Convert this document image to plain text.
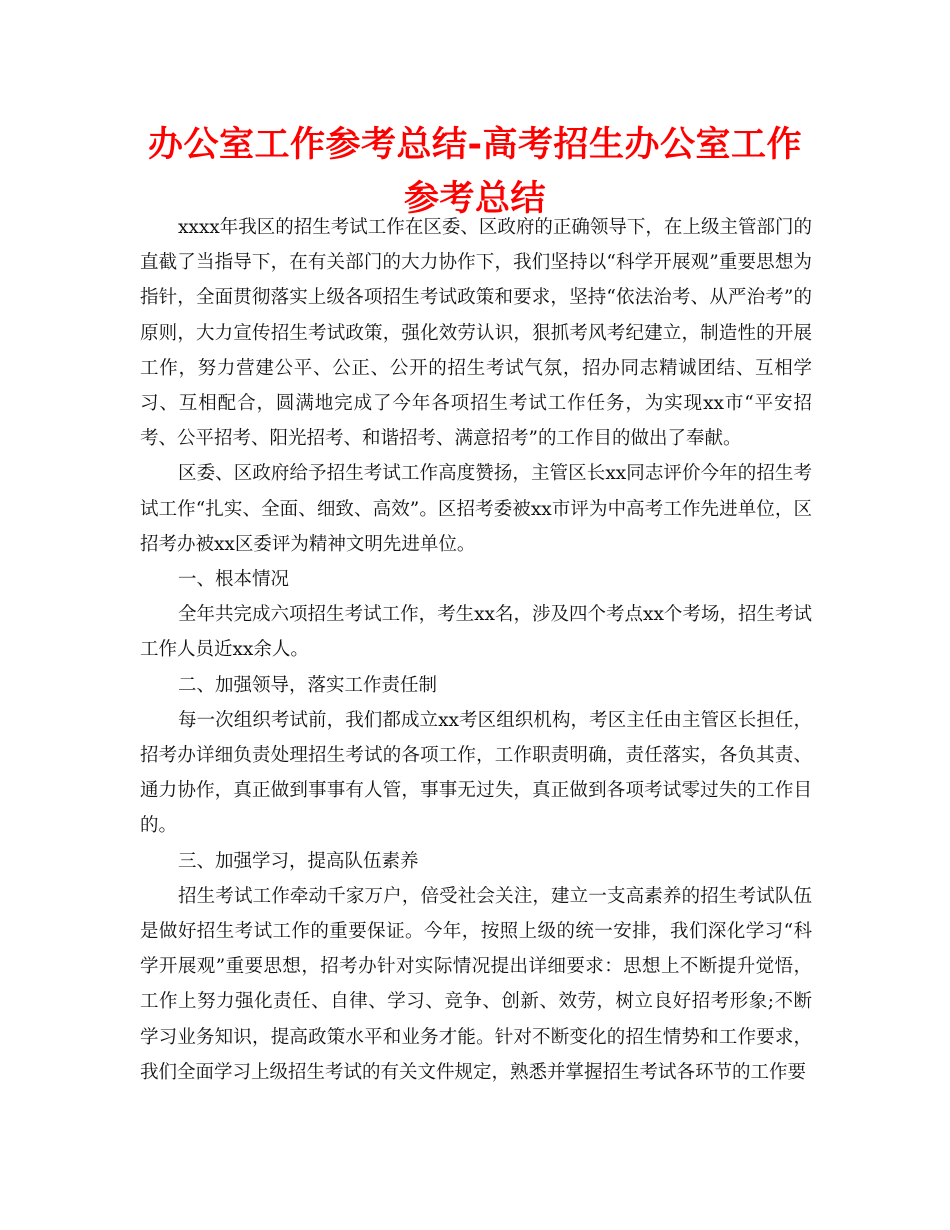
办公室工作参考总结-高考招生办公室工作参考总结

xxxx年我区的招生考试工作在区委、区政府的正确领导下，在上级主管部门的直截了当指导下，在有关部门的大力协作下，我们坚持以“科学开展观”重要思想为指针，全面贯彻落实上级各项招生考试政策和要求，坚持“依法治考、从严治考”的原则，大力宣传招生考试政策，强化效劳认识，狠抓考风考纪建立，制造性的开展工作，努力营建公平、公正、公开的招生考试气氛，招办同志精诚团结、互相学习、互相配合，圆满地完成了今年各项招生考试工作任务，为实现xx市“平安招考、公平招考、阳光招考、和谐招考、满意招考”的工作目的做出了奉献。

区委、区政府给予招生考试工作高度赞扬，主管区长xx同志评价今年的招生考试工作“扎实、全面、细致、高效”。区招考委被xx市评为中高考工作先进单位，区招考办被xx区委评为精神文明先进单位。

一、根本情况

全年共完成六项招生考试工作，考生xx名，涉及四个考点xx个考场，招生考试工作人员近xx余人。

二、加强领导，落实工作责任制

每一次组织考试前，我们都成立xx考区组织机构，考区主任由主管区长担任，招考办详细负责处理招生考试的各项工作，工作职责明确，责任落实，各负其责、通力协作，真正做到事事有人管，事事无过失，真正做到各项考试零过失的工作目的。

三、加强学习，提高队伍素养

招生考试工作牵动千家万户，倍受社会关注，建立一支高素养的招生考试队伍是做好招生考试工作的重要保证。今年，按照上级的统一安排，我们深化学习“科学开展观”重要思想，招考办针对实际情况提出详细要求：思想上不断提升觉悟，工作上努力强化责任、自律、学习、竞争、创新、效劳，树立良好招考形象;不断学习业务知识，提高政策水平和业务才能。针对不断变化的招生情势和工作要求，我们全面学习上级招生考试的有关文件规定，熟悉并掌握招生考试各环节的工作要
